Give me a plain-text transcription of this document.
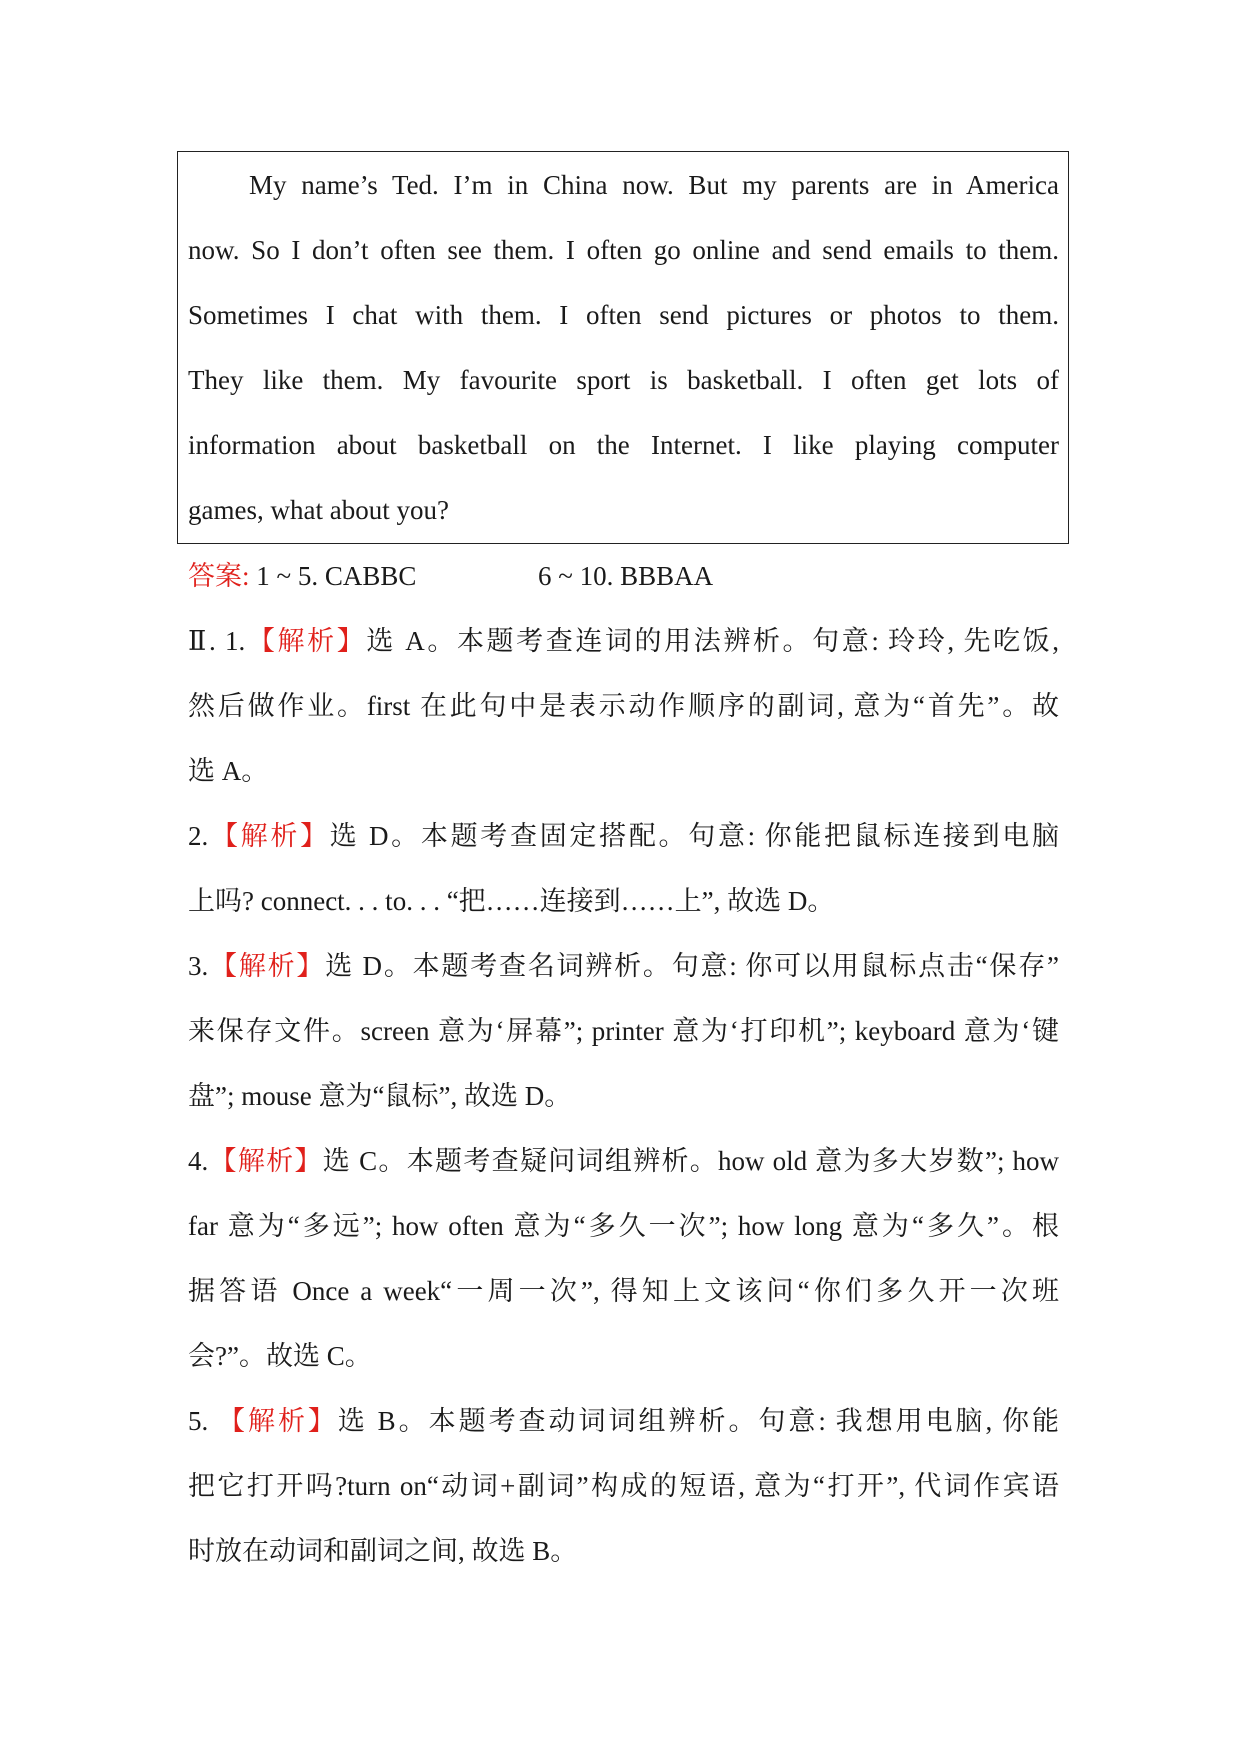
My name’s Ted. I’m in China now. But my parents are in America
now. So I don’t often see them. I often go online and send emails to them.
Sometimes I chat with them. I often send pictures or photos to them.
They like them. My favourite sport is basketball. I often get lots of
information about basketball on the Internet. I like playing computer
games, what about you?
答案: 1 ~ 5. CABBC	6 ~ 10. BBBAA
Ⅱ. 1.【解析】选 A。本题考查连词的用法辨析。句意: 玲玲, 先吃饭,
然后做作业。first 在此句中是表示动作顺序的副词, 意为“首先”。故
选 A。
2.【解析】选 D。本题考查固定搭配。句意: 你能把鼠标连接到电脑
上吗? connect. . . to. . . “把……连接到……上”, 故选 D。
3.【解析】选 D。本题考查名词辨析。句意: 你可以用鼠标点击“保存”
来保存文件。screen 意为‘屏幕”; printer 意为‘打印机”; keyboard 意为‘键
盘”; mouse 意为“鼠标”, 故选 D。
4.【解析】选 C。本题考查疑问词组辨析。how old 意为多大岁数”; how
far 意为“多远”; how often 意为“多久一次”; how long 意为“多久”。根
据答语 Once a week“一周一次”, 得知上文该问“你们多久开一次班
会?”。故选 C。
5. 【解析】选 B。本题考查动词词组辨析。句意: 我想用电脑, 你能
把它打开吗?turn on“动词+副词”构成的短语, 意为“打开”, 代词作宾语
时放在动词和副词之间, 故选 B。
